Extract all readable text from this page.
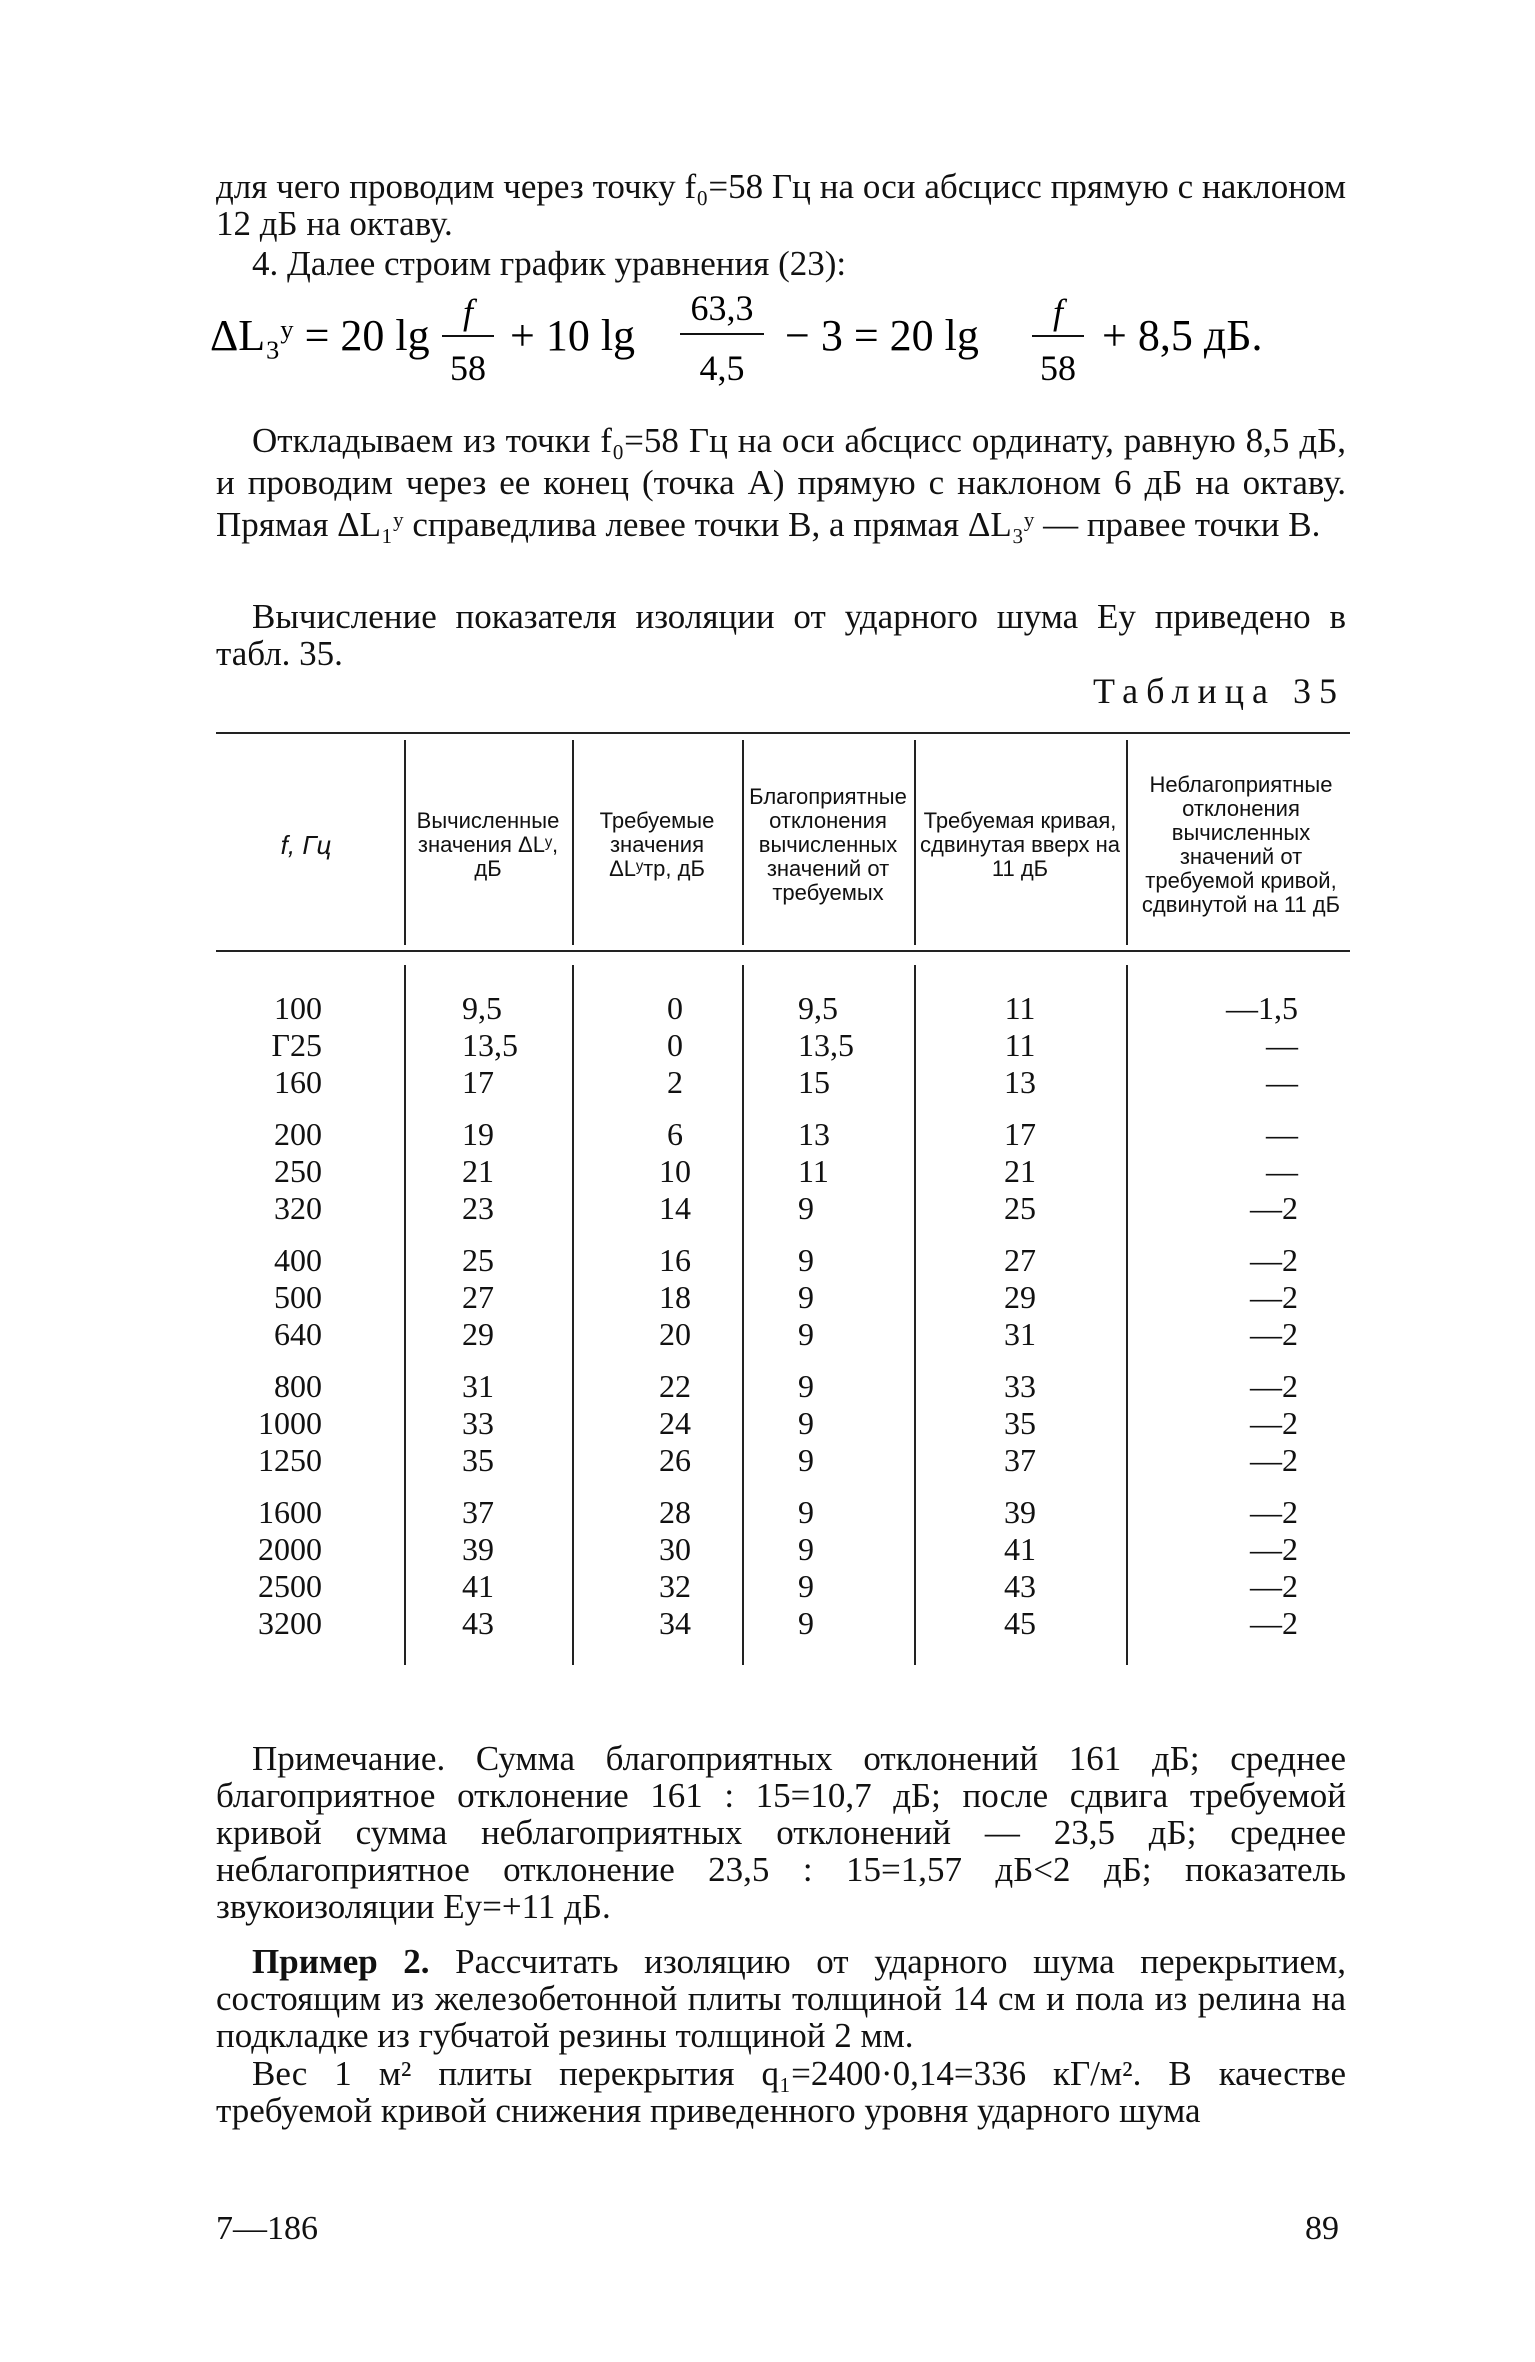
для чего проводим через точку f₀=58 Гц на оси абсцисс прямую с наклоном 12 дБ на октаву.
4. Далее строим график уравнения (23):
ΔL₃ʸ = 20 lg f
58
+ 10 lg
63,3
4,5
− 3 = 20 lg f
58
+ 8,5 дБ.
Откладываем из точки f₀=58 Гц на оси абсцисс ординату, равную 8,5 дБ, и проводим через ее конец (точка А) прямую с наклоном 6 дБ на октаву. Прямая ΔL₁ʸ справедлива левее точки В, а прямая ΔL₃ʸ — правее точки В.
Вычисление показателя изоляции от ударного шума Eу приведено в табл. 35.
Таблица 35
f, Гц
Вычисленные значения ΔLʸ, дБ
Требуемые значения ΔLʸтр, дБ
Благоприятные отклонения вычисленных значений от требуемых
Требуемая кривая, сдвинутая вверх на 11 дБ
Неблагоприятные отклонения вычисленных значений от требуемой кривой, сдвинутой на 11 дБ
100
Г25
160
200
250
320
400
500
640
800
1000
1250
1600
2000
2500
3200
9,5
13,5
17
19
21
23
25
27
29
31
33
35
37
39
41
43
0
0
2
6
10
14
16
18
20
22
24
26
28
30
32
34
9,5
13,5
15
13
11
9
9
9
9
9
9
9
9
9
9
9
11
11
13
17
21
25
27
29
31
33
35
37
39
41
43
45
—1,5
—
—
—
—
—2
—2
—2
—2
—2
—2
—2
—2
—2
—2
—2
Примечание. Сумма благоприятных отклонений 161 дБ; среднее благоприятное отклонение 161 : 15=10,7 дБ; после сдвига требуемой кривой сумма неблагоприятных отклонений — 23,5 дБ; среднее неблагоприятное отклонение 23,5 : 15=1,57 дБ<2 дБ; показатель звукоизоляции Eу=+11 дБ.
Пример 2. Рассчитать изоляцию от ударного шума перекрытием, состоящим из железобетонной плиты толщиной 14 см и пола из релина на подкладке из губчатой резины толщиной 2 мм.
Вес 1 м² плиты перекрытия q₁=2400·0,14=336 кГ/м². В качестве требуемой кривой снижения приведенного уровня ударного шума
7—186	89
